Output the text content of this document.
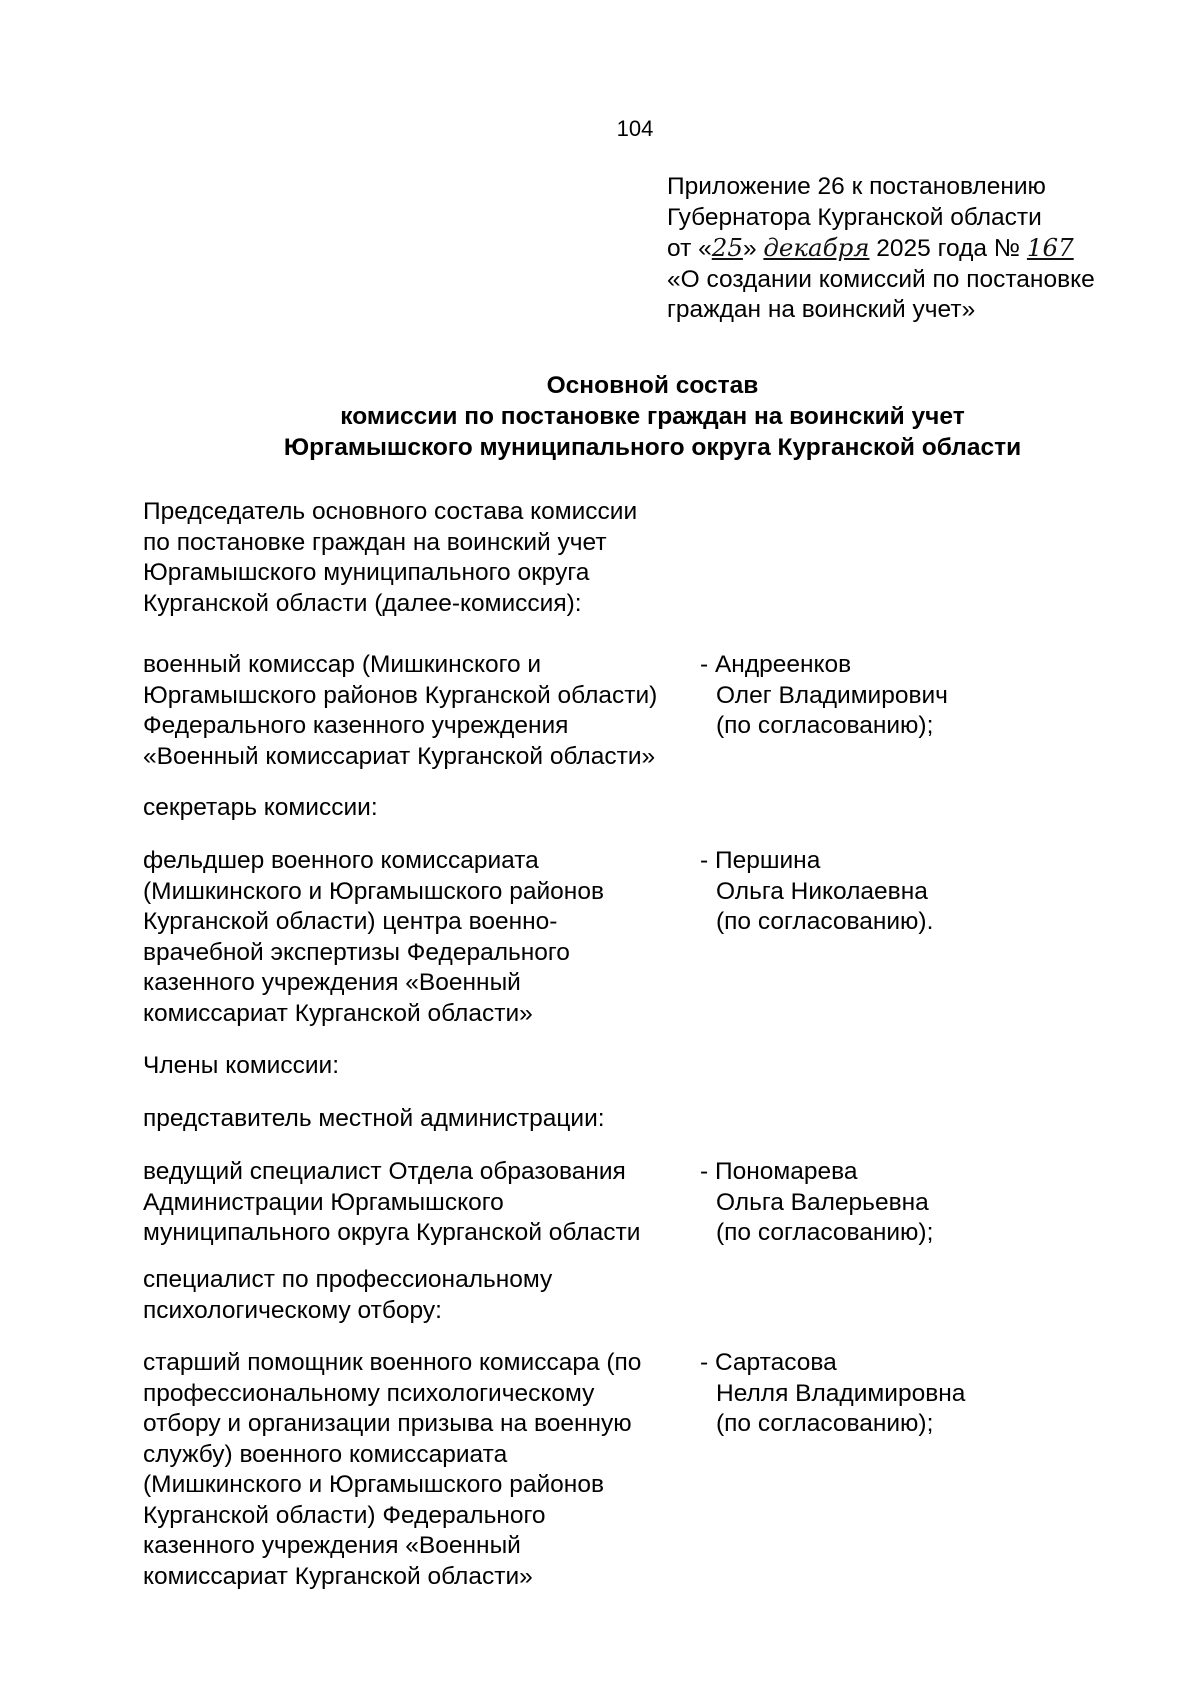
104
Приложение 26 к постановлению
Губернатора Курганской области
от «25» декабря 2025 года № 167
«О создании комиссий по постановке
граждан на воинский учет»
Основной состав
комиссии по постановке граждан на воинский учет
Юргамышского муниципального округа Курганской области
Председатель основного состава комиссии
по постановке граждан на воинский учет
Юргамышского муниципального округа
Курганской области (далее-комиссия):
военный комиссар (Мишкинского и
Юргамышского районов Курганской области)
Федерального казенного учреждения
«Военный комиссариат Курганской области»
- Андреенков
Олег Владимирович
(по согласованию);
секретарь комиссии:
фельдшер военного комиссариата
(Мишкинского и Юргамышского районов
Курганской области) центра военно-
врачебной экспертизы Федерального
казенного учреждения «Военный
комиссариат Курганской области»
- Першина
Ольга Николаевна
(по согласованию).
Члены комиссии:
представитель местной администрации:
ведущий специалист Отдела образования
Администрации Юргамышского
муниципального округа Курганской области
- Пономарева
Ольга Валерьевна
(по согласованию);
специалист по профессиональному
психологическому отбору:
старший помощник военного комиссара (по
профессиональному психологическому
отбору и организации призыва на военную
службу) военного комиссариата
(Мишкинского и Юргамышского районов
Курганской области) Федерального
казенного учреждения «Военный
комиссариат Курганской области»
- Сартасова
Нелля Владимировна
(по согласованию);
